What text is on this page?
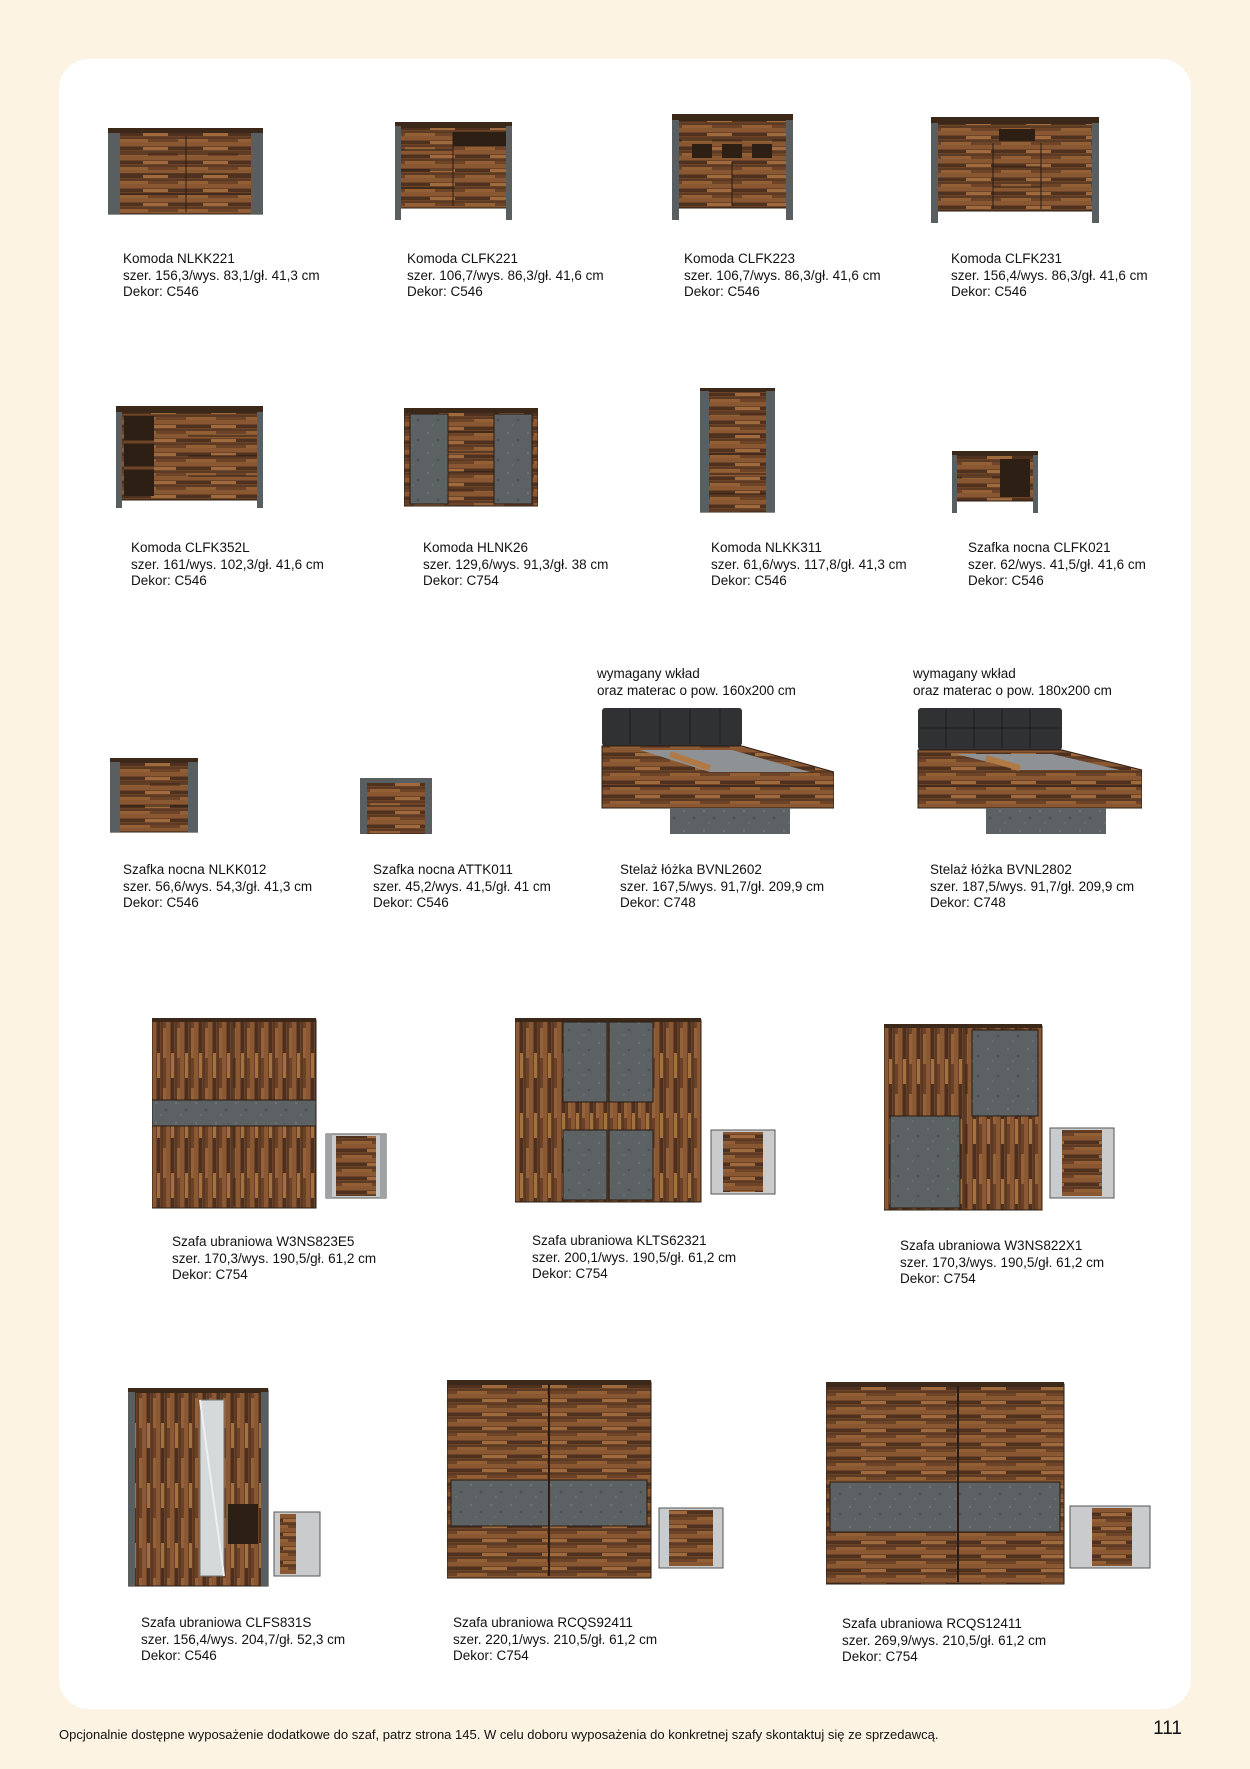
Komoda NLKK221
szer. 156,3/wys. 83,1/gł. 41,3 cm
Dekor: C546
Komoda CLFK221
szer. 106,7/wys. 86,3/gł. 41,6 cm
Dekor: C546
Komoda CLFK223
szer. 106,7/wys. 86,3/gł. 41,6 cm
Dekor: C546
Komoda CLFK231
szer. 156,4/wys. 86,3/gł. 41,6 cm
Dekor: C546
Komoda CLFK352L
szer. 161/wys. 102,3/gł. 41,6 cm
Dekor: C546
Komoda HLNK26
szer. 129,6/wys. 91,3/gł. 38 cm
Dekor: C754
Komoda NLKK311
szer. 61,6/wys. 117,8/gł. 41,3 cm
Dekor: C546
Szafka nocna CLFK021
szer. 62/wys. 41,5/gł. 41,6 cm
Dekor: C546
Szafka nocna NLKK012
szer. 56,6/wys. 54,3/gł. 41,3 cm
Dekor: C546
Szafka nocna ATTK011
szer. 45,2/wys. 41,5/gł. 41 cm
Dekor: C546
wymagany wkład
oraz materac o pow. 160x200 cm
Stelaż łóżka BVNL2602
szer. 167,5/wys. 91,7/gł. 209,9 cm
Dekor: C748
wymagany wkład
oraz materac o pow. 180x200 cm
Stelaż łóżka BVNL2802
szer. 187,5/wys. 91,7/gł. 209,9 cm
Dekor: C748
Szafa ubraniowa W3NS823E5
szer. 170,3/wys. 190,5/gł. 61,2 cm
Dekor: C754
Szafa ubraniowa KLTS62321
szer. 200,1/wys. 190,5/gł. 61,2 cm
Dekor: C754
Szafa ubraniowa W3NS822X1
szer. 170,3/wys. 190,5/gł. 61,2 cm
Dekor: C754
Szafa ubraniowa CLFS831S
szer. 156,4/wys. 204,7/gł. 52,3 cm
Dekor: C546
Szafa ubraniowa RCQS92411
szer. 220,1/wys. 210,5/gł. 61,2 cm
Dekor: C754
Szafa ubraniowa RCQS12411
szer. 269,9/wys. 210,5/gł. 61,2 cm
Dekor: C754
Opcjonalnie dostępne wyposażenie dodatkowe do szaf, patrz strona 145. W celu doboru wyposażenia do konkretnej szafy skontaktuj się ze sprzedawcą.	111
